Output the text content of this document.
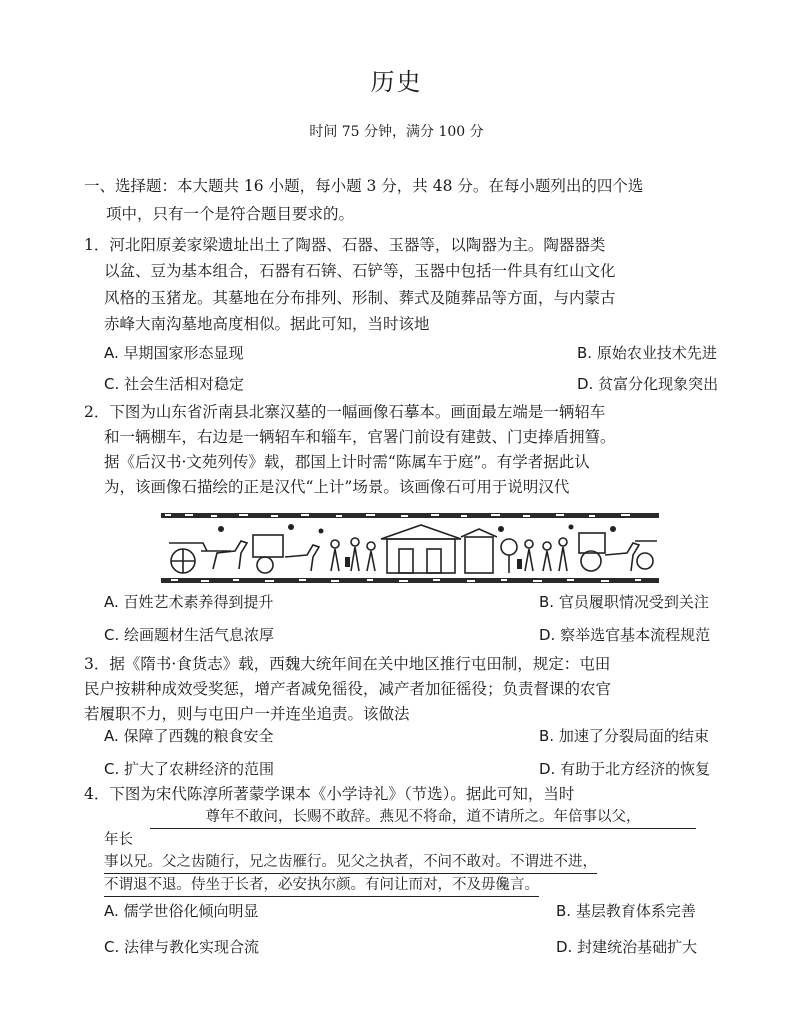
历史
时间 75 分钟，满分 100 分
一、选择题：本大题共 16 小题，每小题 3 分，共 48 分。在每小题列出的四个选
项中，只有一个是符合题目要求的。
1．河北阳原姜家梁遗址出土了陶器、石器、玉器等，以陶器为主。陶器器类
以盆、豆为基本组合，石器有石锛、石铲等，玉器中包括一件具有红山文化
风格的玉猪龙。其墓地在分布排列、形制、葬式及随葬品等方面，与内蒙古
赤峰大南沟墓地高度相似。据此可知，当时该地
A. 早期国家形态显现	B. 原始农业技术先进
C. 社会生活相对稳定	D. 贫富分化现象突出
2．下图为山东省沂南县北寨汉墓的一幅画像石摹本。画面最左端是一辆轺车
和一辆棚车，右边是一辆轺车和辎车，官署门前设有建鼓、门吏捧盾拥篲。
据《后汉书·文苑列传》载，郡国上计时需“陈属车于庭”。有学者据此认
为，该画像石描绘的正是汉代“上计”场景。该画像石可用于说明汉代
A. 百姓艺术素养得到提升	B. 官员履职情况受到关注
C. 绘画题材生活气息浓厚	D. 察举选官基本流程规范
3．据《隋书·食货志》载，西魏大统年间在关中地区推行屯田制，规定：屯田
民户按耕种成效受奖惩，增产者减免徭役，减产者加征徭役；负责督课的农官
若履职不力，则与屯田户一并连坐追责。该做法
A. 保障了西魏的粮食安全	B. 加速了分裂局面的结束
C. 扩大了农耕经济的范围	D. 有助于北方经济的恢复
4．下图为宋代陈淳所著蒙学课本《小学诗礼》（节选）。据此可知，当时
尊年不敢问，长赐不敢辞。燕见不将命，道不请所之。年倍事以父，
年长
事以兄。父之齿随行，兄之齿雁行。见父之执者，不问不敢对。不谓进不进，
不谓退不退。侍坐于长者，必安执尔颜。有问让而对，不及毋儳言。
A. 儒学世俗化倾向明显	B. 基层教育体系完善
C. 法律与教化实现合流	D. 封建统治基础扩大
